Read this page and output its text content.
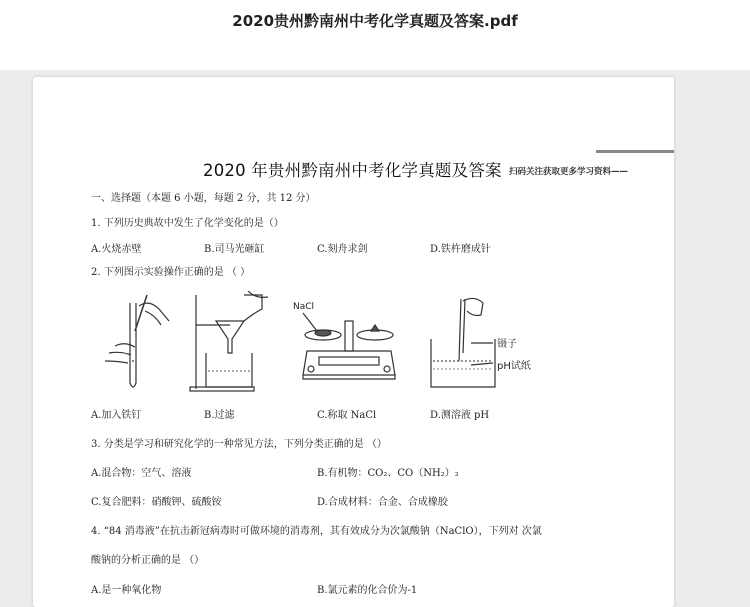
2020贵州黔南州中考化学真题及答案.pdf
2020 年贵州黔南州中考化学真题及答案 扫码关注获取更多学习资料——
一、选择题（本题 6 小题，每题 2 分，共 12 分）
1. 下列历史典故中发生了化学变化的是（）
A.火烧赤壁	B.司马光砸缸	C.刻舟求剑	D.铁杵磨成针
2. 下列图示实验操作正确的是 （ ）
NaCl
镊子
pH试纸
A.加入铁钉	B.过滤	C.称取 NaCl	D.测溶液 pH
3. 分类是学习和研究化学的一种常见方法，下列分类正确的是 （）
A.混合物：空气、溶液	B.有机物：CO₂、CO（NH₂）₂
C.复合肥料：硝酸钾、硫酸铵	D.合成材料：合金、合成橡胶
4. “84 消毒液”在抗击新冠病毒时可做环境的消毒剂，其有效成分为次氯酸钠（NaClO），下列对 次氯
酸钠的分析正确的是 （）
A.是一种氧化物	B.氯元素的化合价为-1
